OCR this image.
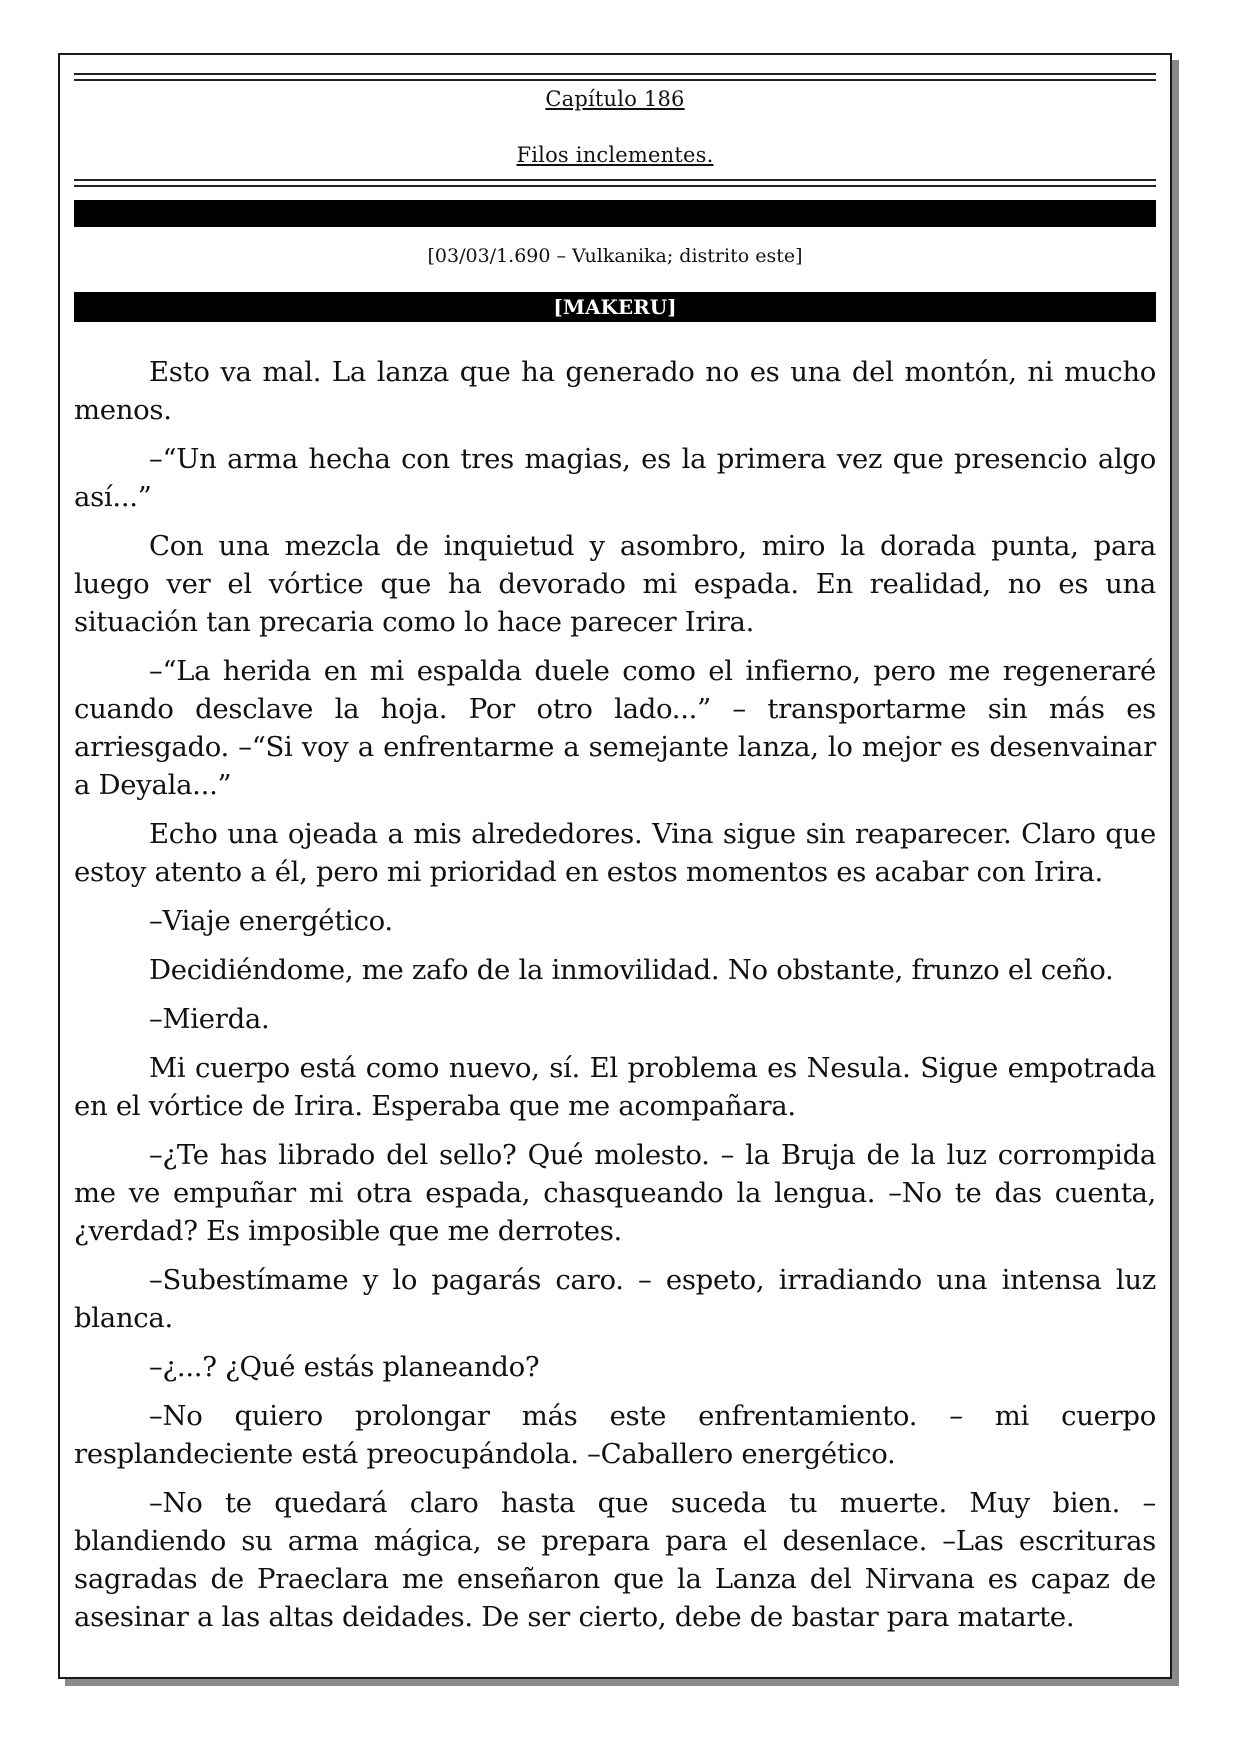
Capítulo 186
Filos inclementes.
[03/03/1.690 – Vulkanika; distrito este]
[MAKERU]

Esto va mal. La lanza que ha generado no es una del montón, ni mucho menos.

–“Un arma hecha con tres magias, es la primera vez que presencio algo así...”

Con una mezcla de inquietud y asombro, miro la dorada punta, para luego ver el vórtice que ha devorado mi espada. En realidad, no es una situación tan precaria como lo hace parecer Irira.

–“La herida en mi espalda duele como el infierno, pero me regeneraré cuando desclave la hoja. Por otro lado...” – transportarme sin más es arriesgado. –“Si voy a enfrentarme a semejante lanza, lo mejor es desenvainar a Deyala...”

Echo una ojeada a mis alrededores. Vina sigue sin reaparecer. Claro que estoy atento a él, pero mi prioridad en estos momentos es acabar con Irira.

–Viaje energético.

Decidiéndome, me zafo de la inmovilidad. No obstante, frunzo el ceño.

–Mierda.

Mi cuerpo está como nuevo, sí. El problema es Nesula. Sigue empotrada en el vórtice de Irira. Esperaba que me acompañara.

–¿Te has librado del sello? Qué molesto. – la Bruja de la luz corrompida me ve empuñar mi otra espada, chasqueando la lengua. –No te das cuenta, ¿verdad? Es imposible que me derrotes.

–Subestímame y lo pagarás caro. – espeto, irradiando una intensa luz blanca.

–¿...? ¿Qué estás planeando?

–No quiero prolongar más este enfrentamiento. – mi cuerpo resplandeciente está preocupándola. –Caballero energético.

–No te quedará claro hasta que suceda tu muerte. Muy bien. – blandiendo su arma mágica, se prepara para el desenlace. –Las escrituras sagradas de Praeclara me enseñaron que la Lanza del Nirvana es capaz de asesinar a las altas deidades. De ser cierto, debe de bastar para matarte.
